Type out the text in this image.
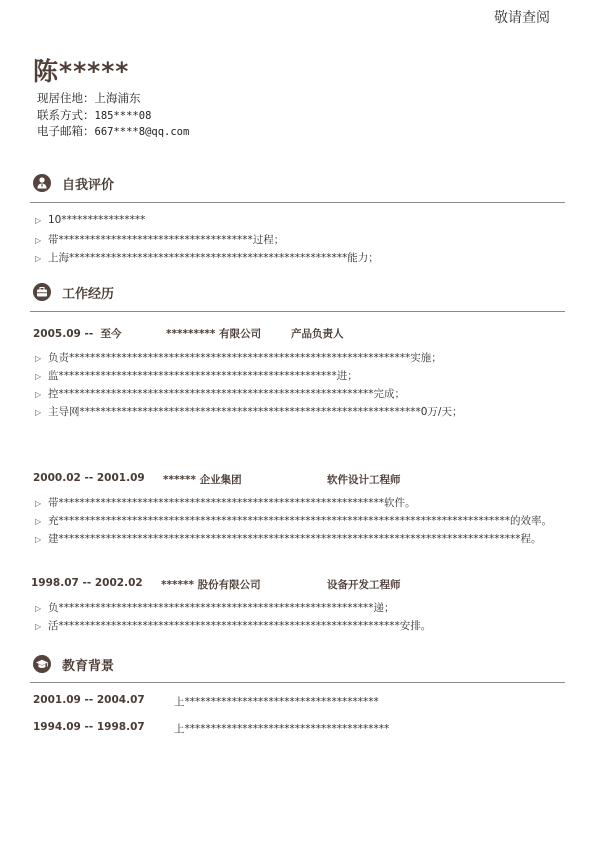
敬请查阅
陈*****
现居住地：上海浦东
联系方式：185****08
电子邮箱：667****8@qq.com
自我评价
▷ 10****************
▷ 带*************************************过程；
▷ 上海*****************************************************能力；
工作经历
2005.09 -- 至今	********* 有限公司	产品负责人
▷ 负责*****************************************************************实施；
▷ 监*****************************************************进；
▷ 控************************************************************完成；
▷ 主导网*****************************************************************0万/天；
2000.02 -- 2001.09 ****** 企业集团	软件设计工程师
▷ 带**************************************************************软件。
▷ 充**************************************************************************************的效率。
▷ 建****************************************************************************************程。
1998.07 -- 2002.02 ****** 股份有限公司	设备开发工程师
▷ 负************************************************************递；
▷ 活*****************************************************************安排。
教育背景
2001.09 -- 2004.07	上*************************************
1994.09 -- 1998.07	上***************************************
